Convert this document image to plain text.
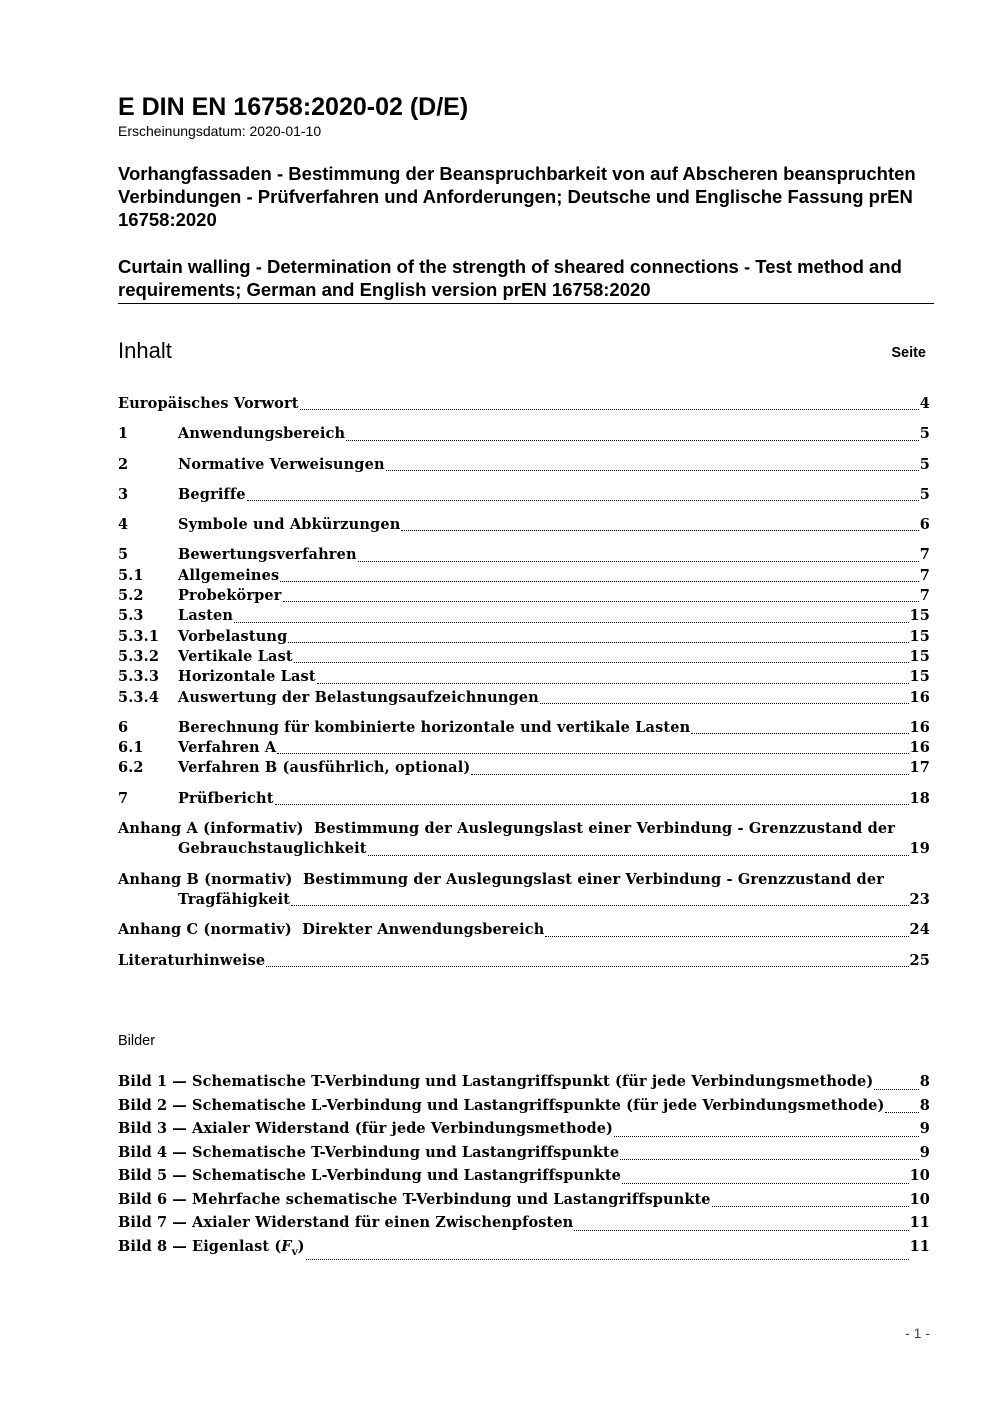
E DIN EN 16758:2020-02 (D/E)
Erscheinungsdatum: 2020-01-10
Vorhangfassaden - Bestimmung der Beanspruchbarkeit von auf Abscheren beanspruchten Verbindungen - Prüfverfahren und Anforderungen; Deutsche und Englische Fassung prEN 16758:2020
Curtain walling - Determination of the strength of sheared connections - Test method and requirements; German and English version prEN 16758:2020
Inhalt	Seite
Europäisches Vorwort	4
1	Anwendungsbereich	5
2	Normative Verweisungen	5
3	Begriffe	5
4	Symbole und Abkürzungen	6
5	Bewertungsverfahren	7
5.1	Allgemeines	7
5.2	Probekörper	7
5.3	Lasten	15
5.3.1	Vorbelastung	15
5.3.2	Vertikale Last	15
5.3.3	Horizontale Last	15
5.3.4	Auswertung der Belastungsaufzeichnungen	16
6	Berechnung für kombinierte horizontale und vertikale Lasten	16
6.1	Verfahren A	16
6.2	Verfahren B (ausführlich, optional)	17
7	Prüfbericht	18
Anhang A (informativ)  Bestimmung der Auslegungslast einer Verbindung - Grenzzustand der
Gebrauchstauglichkeit	19
Anhang B (normativ)  Bestimmung der Auslegungslast einer Verbindung - Grenzzustand der
Tragfähigkeit	23
Anhang C (normativ)  Direkter Anwendungsbereich	24
Literaturhinweise	25
Bilder
Bild 1 — Schematische T-Verbindung und Lastangriffspunkt (für jede Verbindungsmethode)	8
Bild 2 — Schematische L-Verbindung und Lastangriffspunkte (für jede Verbindungsmethode) 8
Bild 3 — Axialer Widerstand (für jede Verbindungsmethode)	9
Bild 4 — Schematische T-Verbindung und Lastangriffspunkte	9
Bild 5 — Schematische L-Verbindung und Lastangriffspunkte	10
Bild 6 — Mehrfache schematische T-Verbindung und Lastangriffspunkte	10
Bild 7 — Axialer Widerstand für einen Zwischenpfosten	11
Bild 8 — Eigenlast $(F_v)$	11
- 1 -
